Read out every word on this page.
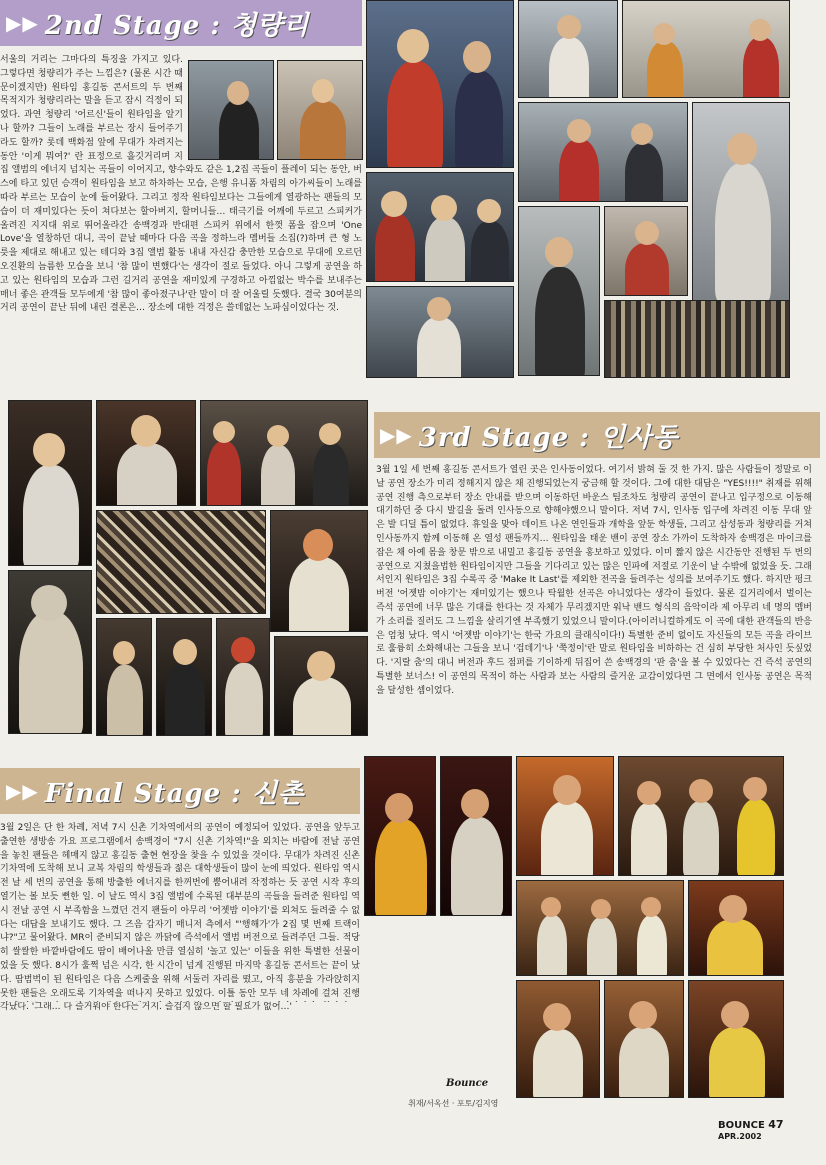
▶▶ 2nd Stage : 청량리

서울의 거리는 그마다의 특징을 가지고 있다. 그렇다면 청량리가 주는 느낌은? (물론 시간 때문이겠지만) 원타임 홍길동 콘서트의 두 번째 목적지가 청량리라는 말을 듣고 잠시 걱정이 되었다. 과연 청량리 '어르신'들이 원타임을 알기나 할까? 그들이 노래를 부르는 장시 들어주기라도 할까? 롯데 백화점 앞에 무대가 차려지는 동안 '이게 뭐여?' 란 표정으로 흘깃거리며 지

집 앨범의 에너지 넘치는 곡들이 이어지고, 향수와도 같은 1,2집 곡들이 플레이 되는 동안, 버스에 타고 있던 승객이 원타임을 보고 하차하는 모습, 은행 유니폼 차림의 아가씨들이 노래를 따라 부르는 모습이 눈에 들어왔다. 그리고 정작 원타임보다는 그들에게 열광하는 팬들의 모습이 더 재미있다는 듯이 쳐다보는 할아버지, 할머니들… 태극기를 어깨에 두르고 스피커가 올려진 지지대 위로 뛰어올라간 송백경과 반대편 스피커 위에서 한껏 폼을 잡으며 'One Love'을 열창하던 대니, 곡이 끝날 때마다 다음 곡을 정하느라 멤버들 소집(?)하며 큰 형 노릇을 제대로 해내고 있는 테디와 3집 앨범 활동 내내 자신감 충만한 모습으로 무대에 오르던 오진환의 늠름한 모습을 보니 '참 많이 변했다'는 생각이 절로 들었다. 아니 그렇게 공연을 하고 있는 원타임의 모습과 그런 길거리 공연을 재미있게 구경하고 아낌없는 박수를 보내주는 매너 좋은 관객들 모두에게 '참 많이 좋아졌구나'란 말이 더 잘 어울릴 듯했다. 결국 30여분의 거리 공연이 끝난 뒤에 내린 결론은… 장소에 대한 걱정은 쓸데없는 노파심이었다는 것.

▶▶ 3rd Stage : 인사동

3월 1일 세 번째 홍길동 콘서트가 열린 곳은 인사동이었다. 여기서 밝혀 둘 것 한 가지. 많은 사람들이 정말로 이 날 공연 장소가 미리 정해지지 않은 채 진행되었는지 궁금해 할 것이다. 그에 대한 대답은 "YES!!!!" 취재를 위해 공연 진행 측으로부터 장소 안내를 받으며 이동하던 바운스 팀조차도 청량리 공연이 끝나고 입구정으로 이동해 대기하던 중 다시 발길을 돌려 인사동으로 향해야했으니 말이다. 저녁 7시, 인사동 입구에 차려진 이동 무대 앞은 발 디딜 틈이 없었다. 휴일을 맞아 데이트 나온 연인들과 개학을 앞둔 학생들, 그리고 삼성동과 청량리를 거쳐 인사동까지 함께 이동해 온 열성 팬들까지… 원타임을 태운 밴이 공연 장소 가까이 도착하자 송백경은 마이크를 잡은 채 아예 몸을 창문 밖으로 내밀고 홍길동 공연을 홍보하고 있었다. 이미 짧지 않은 시간동안 진행된 두 번의 공연으로 지쳤을법한 원타임이지만 그들을 기다리고 있는 많은 인파에 저절로 기운이 날 수밖에 없었을 듯. 그래서인지 원타임은 3집 수록곡 중 'Make It Last'를 제외한 전곡을 들려주는 성의를 보여주기도 했다. 하지만 펑크 버전 '어젯밤 이야기'는 재미있기는 했으나 탁월한 선곡은 아니었다는 생각이 들었다. 물론 길거리에서 벌이는 즉석 공연에 너무 많은 기대를 한다는 것 자체가 무리겠지만 워낙 밴드 형식의 음악이라 제 아무리 네 명의 멤버가 소리를 질러도 그 느낌을 살리기엔 부족했기 있었으니 말이다.(아이러니컬하게도 이 곡에 대한 관객들의 반응은 엄청 났다. 역시 '어젯밤 이야기'는 한국 가요의 클래식이다!) 특별한 준비 없이도 자신들의 모든 곡을 라이브로 훌륭히 소화해내는 그들을 보니 '겁데기'나 '쭉정이'란 말로 원타임을 비하하는 건 심히 부당한 처사인 듯싶었다. '지랄 춤'의 대니 버전과 후드 점퍼를 기이하게 뒤집어 쓴 송백경의 '판 춤'을 볼 수 있었다는 건 즉석 공연의 특별한 보너스! 이 공연의 목적이 하는 사람과 보는 사람의 즐거운 교감이었다면 그 면에서 인사동 공연은 목적을 달성한 셈이었다.

▶▶ Final Stage : 신촌

3월 2일은 단 한 차례, 저녁 7시 신촌 기차역에서의 공연이 예정되어 있었다. 공연을 앞두고 출연한 생방송 가요 프로그램에서 송백경이 "7시 신촌 기차역!"을 외치는 바람에 전날 공연을 놓친 팬들은 헤매지 않고 홍길동 출현 현장을 찾을 수 있었을 것이다. 무대가 차려진 신촌 기차역에 도착해 보니 교복 차림의 학생들과 젊은 대학생들이 많이 눈에 띄었다. 원타임 역시 전 날 세 번의 공연을 통해 방출한 에너지를 한꺼번에 뿜어내려 작정하는 듯 공연 시작 후의 열기는 볼 보듯 뻔한 일. 이 날도 역시 3집 앨범에 수록된 대부분의 곡들을 들려준 원타임 역시 전날 공연 시 부족함을 느꼈던 건지 팬들이 아무리 '어젯밤 이야기'를 외쳐도 들려줄 수 없다는 대답을 보내기도 했다. 그 즈음 갑자기 매니저 측에서 "'행해가'가 2집 몇 번째 트랙이냐?"고 물어왔다. MR이 준비되지 않은 까닭에 즉석에서 앨범 버전으로 들려주던 그들. 적당히 쌀쌀한 바깥바람에도 땀이 배어나올 만큼 열심히 '놀고 있는' 이들을 위한 특별한 선물이었을 듯 했다. 8시가 훌쩍 넘은 시각, 한 시간이 넘게 진행된 마지막 홍길동 콘서트는 끝이 났다. 땀범벅이 된 원타임은 다음 스케줄을 위해 서둘러 자리를 떴고, 아직 흥분을 가라앉히지 못한 팬들은 오래도록 기차역을 떠나지 못하고 있었다. 이틀 동안 모두 네 차례에 걸쳐 진행

각났다. '그래… 다 즐거워야 한다는 거지. 즐겁지 않으면 할 필요가 없어…'

Bounce
취재/서옥선 · 포토/김지영
BOUNCE 47 APR.2002
